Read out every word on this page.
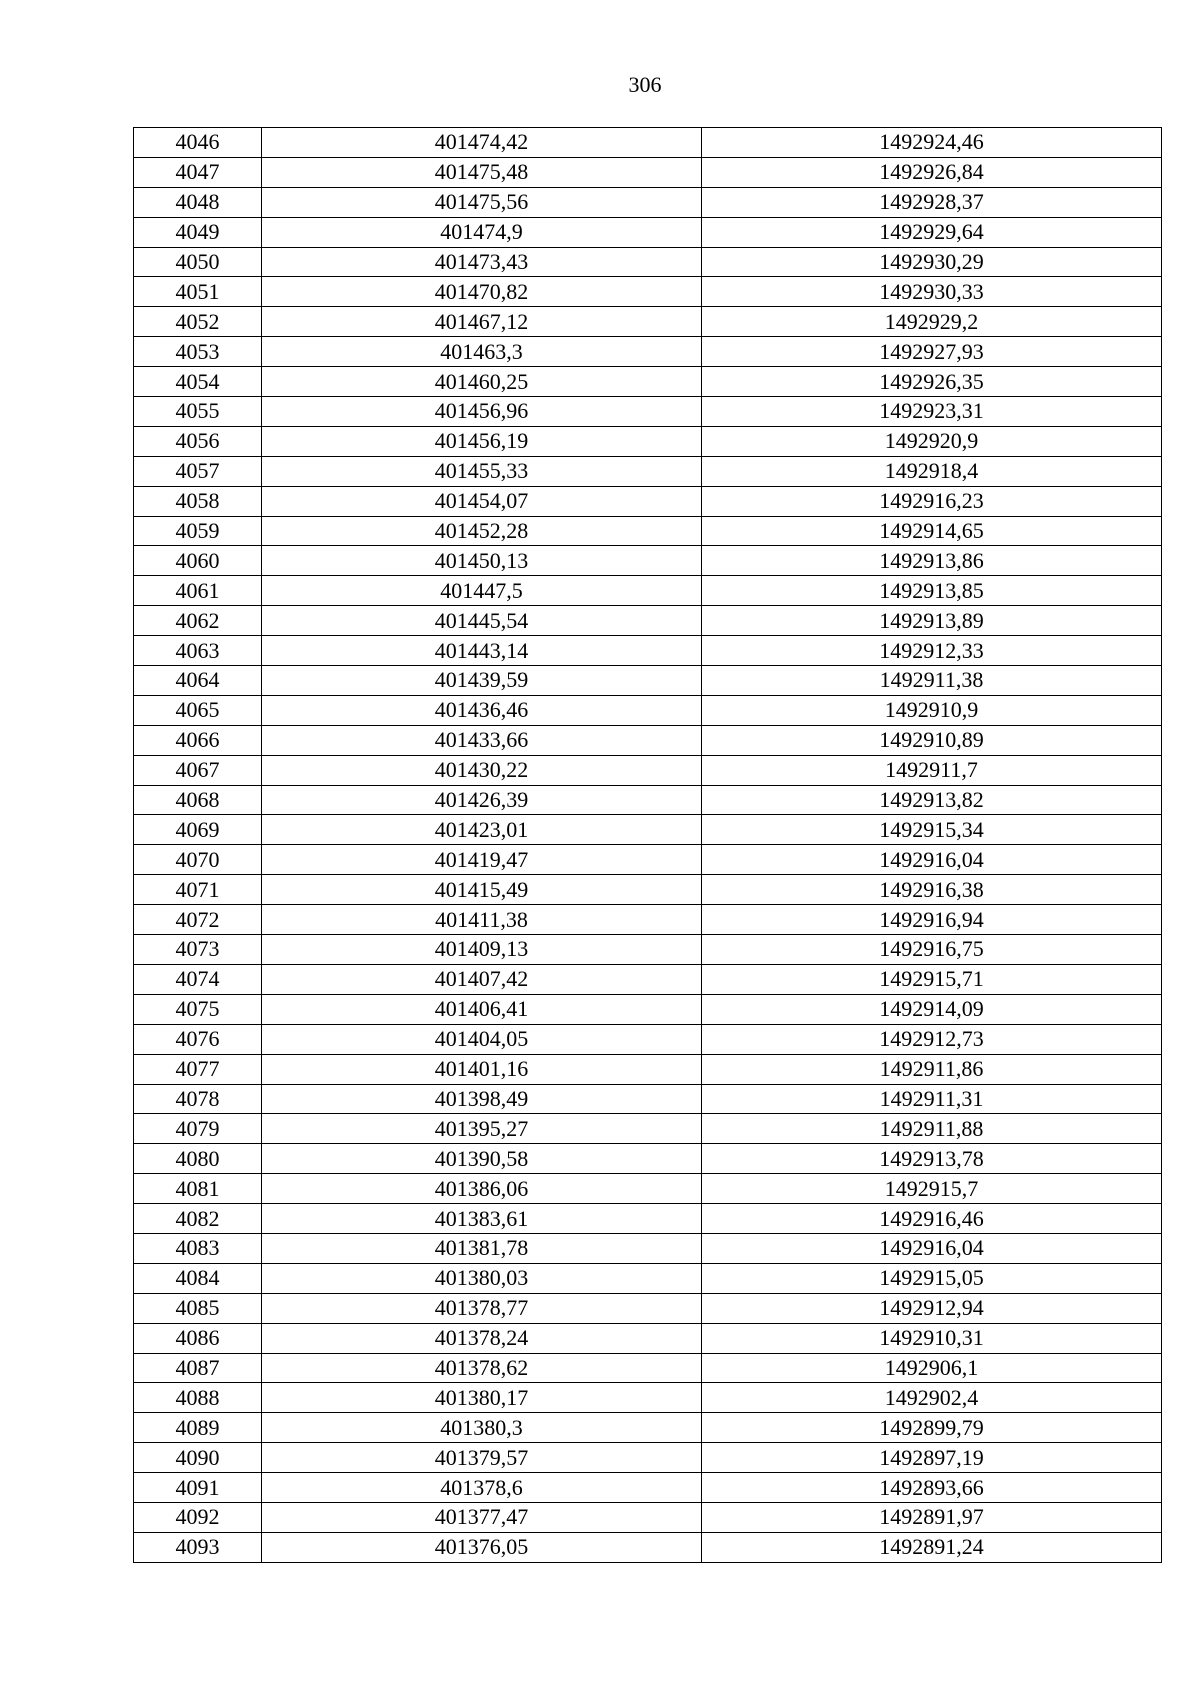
306
4046	401474,42	1492924,46
4047	401475,48	1492926,84
4048	401475,56	1492928,37
4049	401474,9	1492929,64
4050	401473,43	1492930,29
4051	401470,82	1492930,33
4052	401467,12	1492929,2
4053	401463,3	1492927,93
4054	401460,25	1492926,35
4055	401456,96	1492923,31
4056	401456,19	1492920,9
4057	401455,33	1492918,4
4058	401454,07	1492916,23
4059	401452,28	1492914,65
4060	401450,13	1492913,86
4061	401447,5	1492913,85
4062	401445,54	1492913,89
4063	401443,14	1492912,33
4064	401439,59	1492911,38
4065	401436,46	1492910,9
4066	401433,66	1492910,89
4067	401430,22	1492911,7
4068	401426,39	1492913,82
4069	401423,01	1492915,34
4070	401419,47	1492916,04
4071	401415,49	1492916,38
4072	401411,38	1492916,94
4073	401409,13	1492916,75
4074	401407,42	1492915,71
4075	401406,41	1492914,09
4076	401404,05	1492912,73
4077	401401,16	1492911,86
4078	401398,49	1492911,31
4079	401395,27	1492911,88
4080	401390,58	1492913,78
4081	401386,06	1492915,7
4082	401383,61	1492916,46
4083	401381,78	1492916,04
4084	401380,03	1492915,05
4085	401378,77	1492912,94
4086	401378,24	1492910,31
4087	401378,62	1492906,1
4088	401380,17	1492902,4
4089	401380,3	1492899,79
4090	401379,57	1492897,19
4091	401378,6	1492893,66
4092	401377,47	1492891,97
4093	401376,05	1492891,24
